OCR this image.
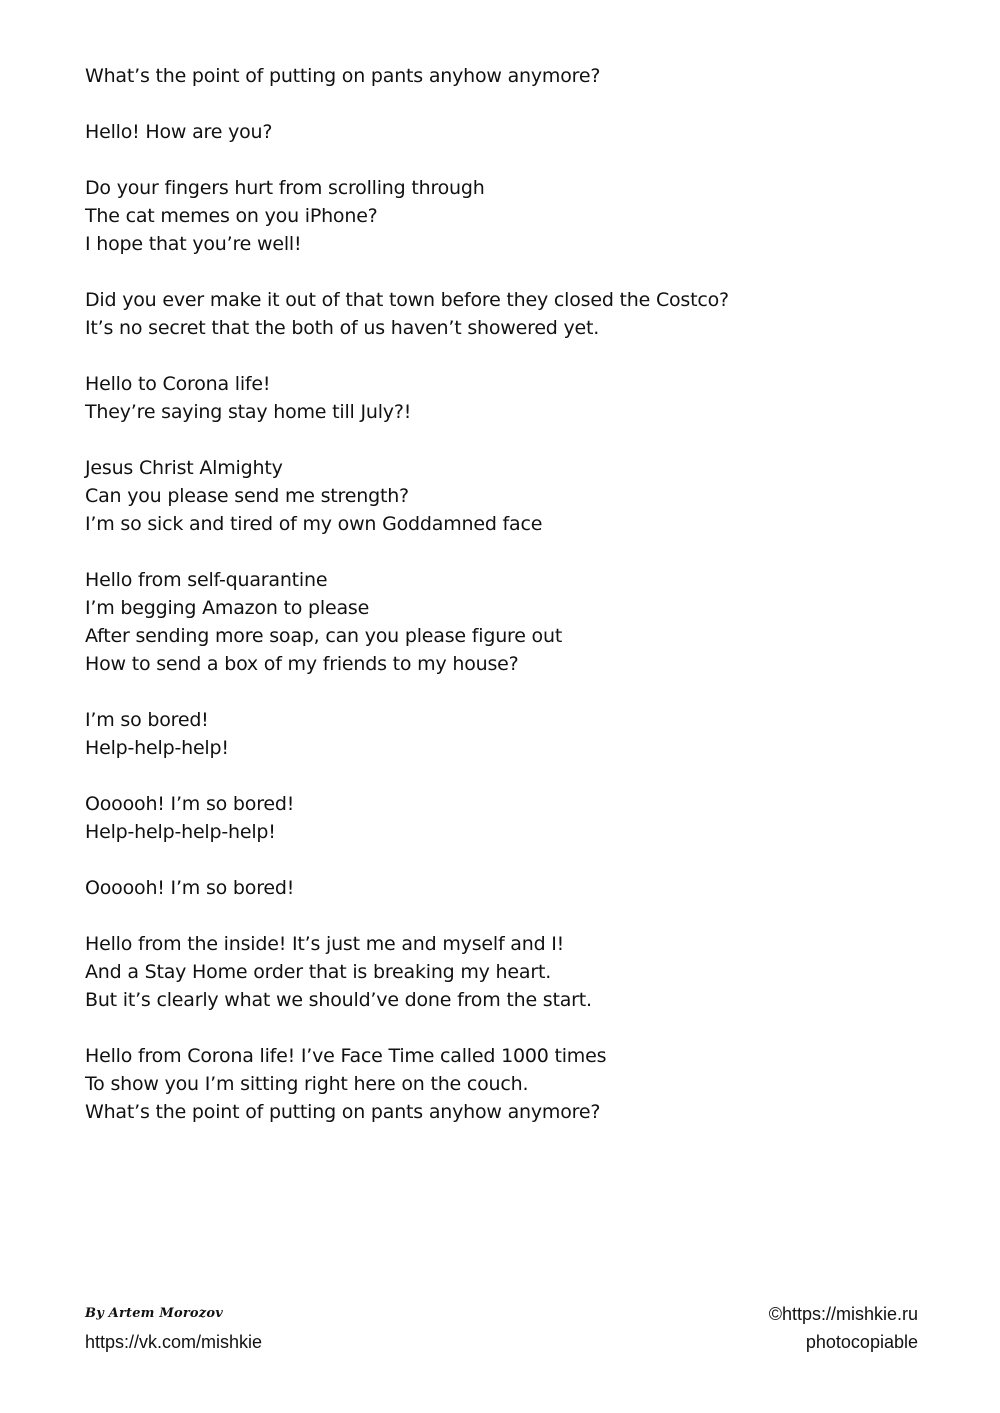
What’s the point of putting on pants anyhow anymore?
Hello! How are you?
Do your fingers hurt from scrolling through
The cat memes on you iPhone?
I hope that you’re well!
Did you ever make it out of that town before they closed the Costco?
It’s no secret that the both of us haven’t showered yet.
Hello to Corona life!
They’re saying stay home till July?!
Jesus Christ Almighty
Can you please send me strength?
I’m so sick and tired of my own Goddamned face
Hello from self-quarantine
I’m begging Amazon to please
After sending more soap, can you please figure out
How to send a box of my friends to my house?
I’m so bored!
Help-help-help!
Oooooh! I’m so bored!
Help-help-help-help!
Oooooh! I’m so bored!
Hello from the inside! It’s just me and myself and I!
And a Stay Home order that is breaking my heart.
But it’s clearly what we should’ve done from the start.
Hello from Corona life! I’ve Face Time called 1000 times
To show you I’m sitting right here on the couch.
What’s the point of putting on pants anyhow anymore?
By Artem Morozov
https://vk.com/mishkie
©https://mishkie.ru
photocopiable
